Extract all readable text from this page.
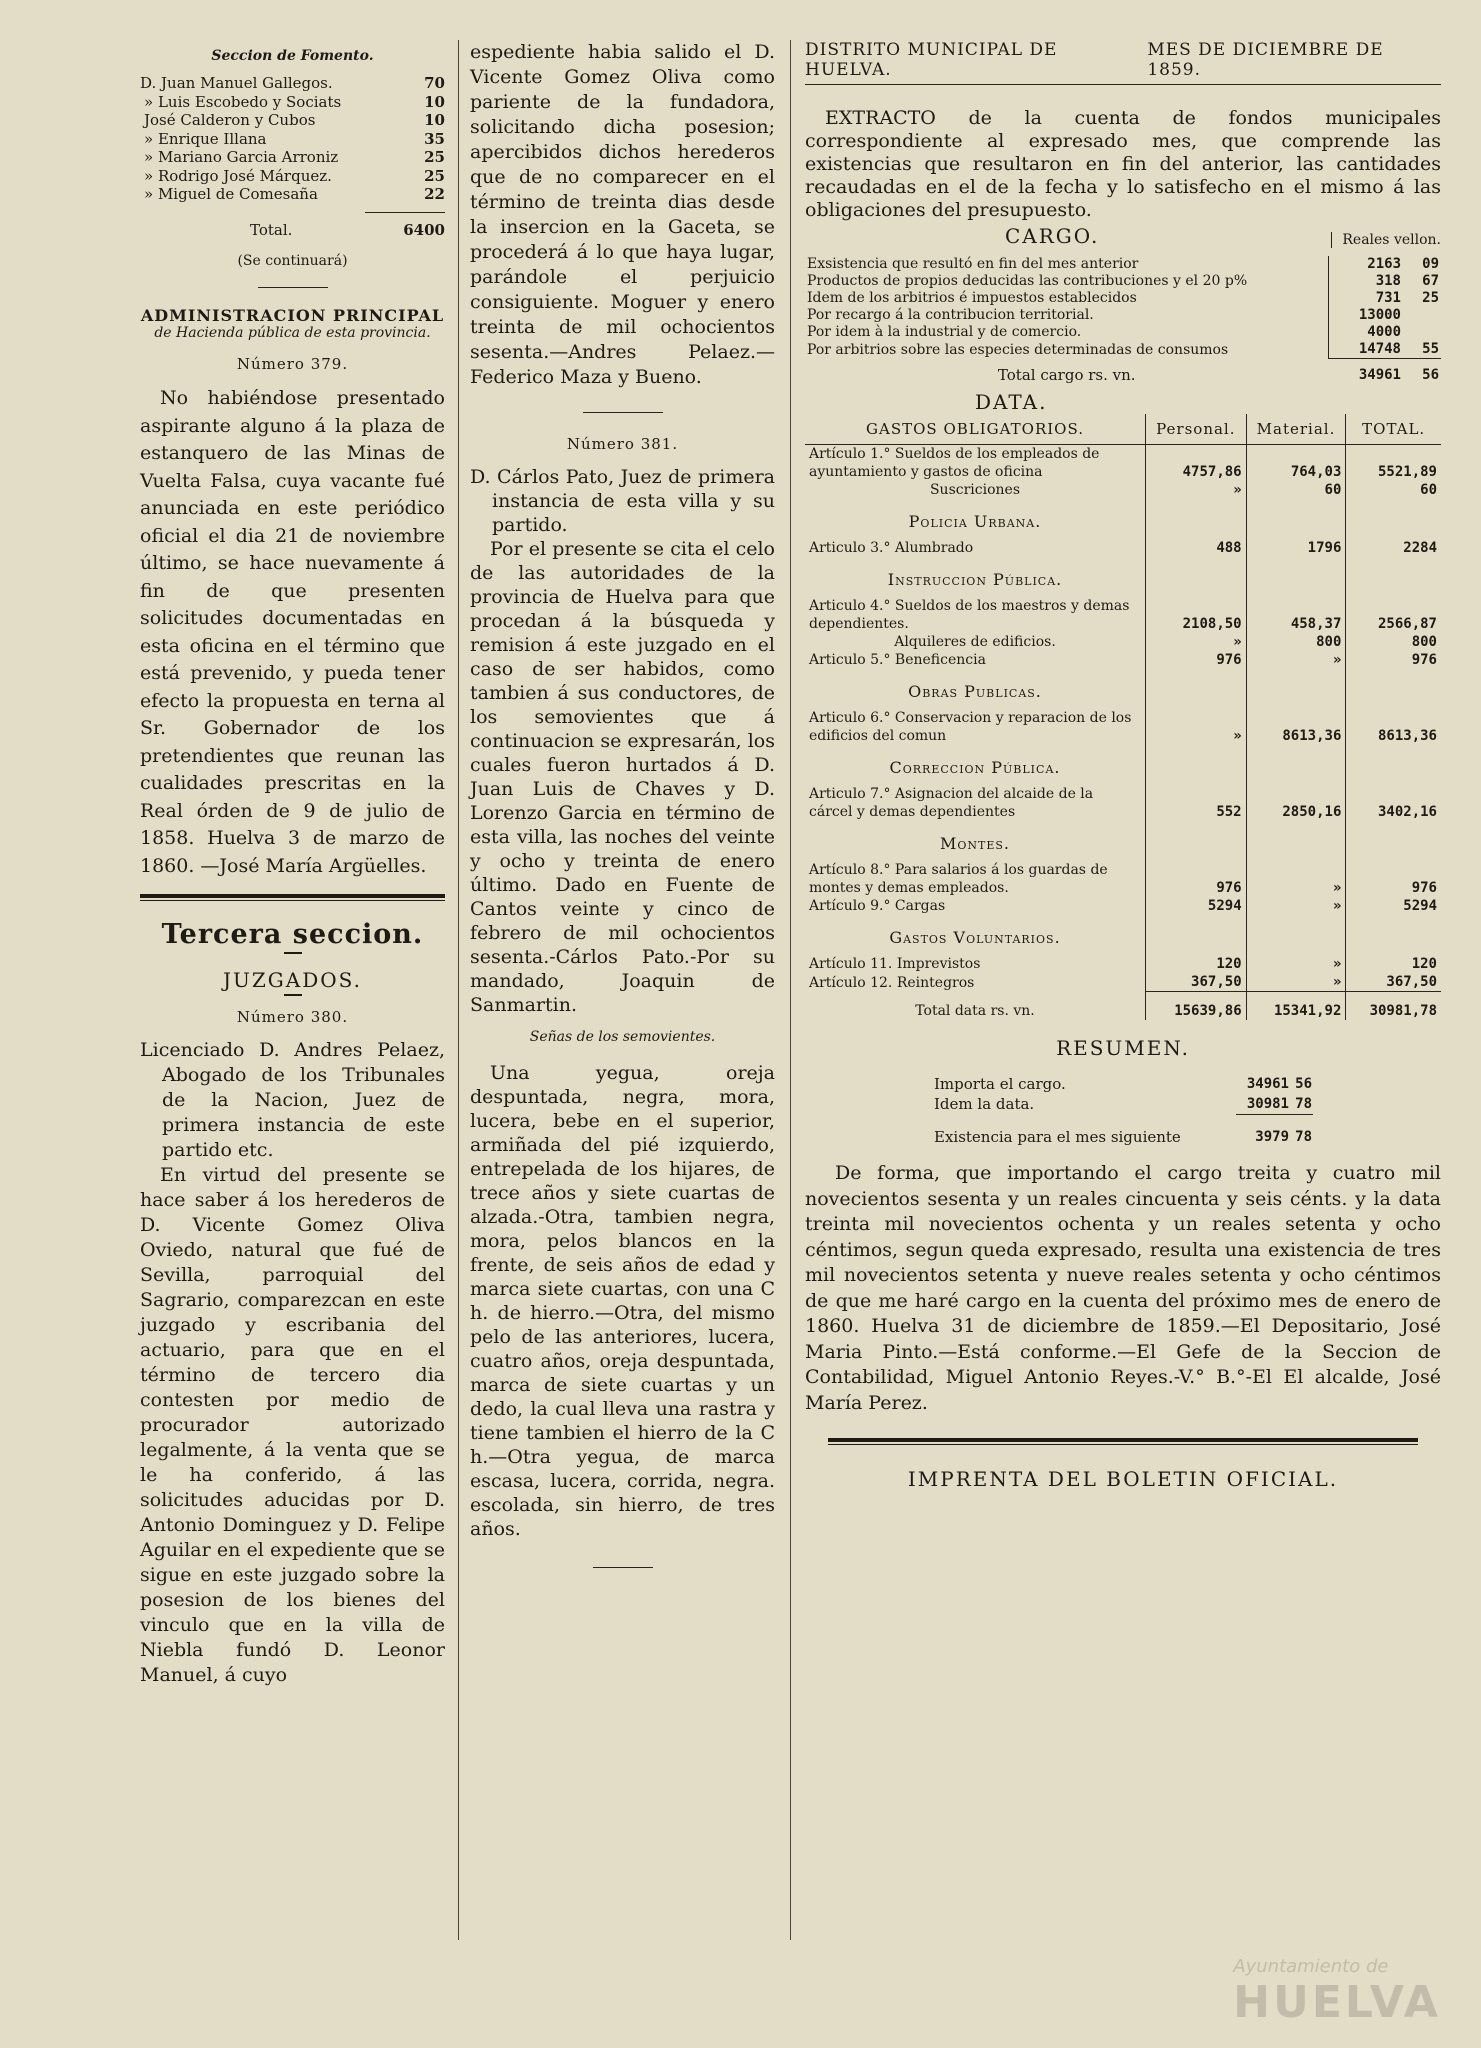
Seccion de Fomento.

D. Juan Manuel Gallegos.	70
» Luis Escobedo y Sociats	10
José Calderon y Cubos	10
» Enrique Illana	35
» Mariano Garcia Arroniz	25
» Rodrigo José Márquez.	25
» Miguel de Comesaña	22
Total.	6400

(Se continuará)

ADMINISTRACION PRINCIPAL

de Hacienda pública de esta provincia.

Número 379.

No habiéndose presentado aspirante alguno á la plaza de estanquero de las Minas de Vuelta Falsa, cuya vacante fué anunciada en este periódico oficial el dia 21 de noviembre último, se hace nuevamente á fin de que presenten solicitudes documentadas en esta oficina en el término que está prevenido, y pueda tener efecto la propuesta en terna al Sr. Gobernador de los pretendientes que reunan las cualidades prescritas en la Real órden de 9 de julio de 1858. Huelva 3 de marzo de 1860. —José María Argüelles.

Tercera seccion.

JUZGADOS.

Número 380.

Licenciado D. Andres Pelaez, Abogado de los Tribunales de la Nacion, Juez de primera instancia de este partido etc.

En virtud del presente se hace saber á los herederos de D. Vicente Gomez Oliva Oviedo, natural que fué de Sevilla, parroquial del Sagrario, comparezcan en este juzgado y escribania del actuario, para que en el término de tercero dia contesten por medio de procurador autorizado legalmente, á la venta que se le ha conferido, á las solicitudes aducidas por D. Antonio Dominguez y D. Felipe Aguilar en el expediente que se sigue en este juzgado sobre la posesion de los bienes del vinculo que en la villa de Niebla fundó D. Leonor Manuel, á cuyo

espediente habia salido el D. Vicente Gomez Oliva como pariente de la fundadora, solicitando dicha posesion; apercibidos dichos herederos que de no comparecer en el término de treinta dias desde la insercion en la Gaceta, se procederá á lo que haya lugar, parándole el perjuicio consiguiente. Moguer y enero treinta de mil ochocientos sesenta.—Andres Pelaez.— Federico Maza y Bueno.

Número 381.

D. Cárlos Pato, Juez de primera instancia de esta villa y su partido.

Por el presente se cita el celo de las autoridades de la provincia de Huelva para que procedan á la búsqueda y remision á este juzgado en el caso de ser habidos, como tambien á sus conductores, de los semovientes que á continuacion se expresarán, los cuales fueron hurtados á D. Juan Luis de Chaves y D. Lorenzo Garcia en término de esta villa, las noches del veinte y ocho y treinta de enero último. Dado en Fuente de Cantos veinte y cinco de febrero de mil ochocientos sesenta.-Cárlos Pato.-Por su mandado, Joaquin de Sanmartin.

Señas de los semovientes.

Una yegua, oreja despuntada, negra, mora, lucera, bebe en el superior, armiñada del pié izquierdo, entrepelada de los hijares, de trece años y siete cuartas de alzada.-Otra, tambien negra, mora, pelos blancos en la frente, de seis años de edad y marca siete cuartas, con una C h. de hierro.—Otra, del mismo pelo de las anteriores, lucera, cuatro años, oreja despuntada, marca de siete cuartas y un dedo, la cual lleva una rastra y tiene tambien el hierro de la C h.—Otra yegua, de marca escasa, lucera, corrida, negra. escolada, sin hierro, de tres años.

DISTRITO MUNICIPAL DE HUELVA.
MES DE DICIEMBRE DE 1859.

EXTRACTO de la cuenta de fondos municipales correspondiente al expresado mes, que comprende las existencias que resultaron en fin del anterior, las cantidades recaudadas en el de la fecha y lo satisfecho en el mismo á las obligaciones del presupuesto.

CARGO.	Reales vellon.
Exsistencia que resultó en fin del mes anterior	2163	09
Productos de propios deducidas las contribuciones y el 20 p%	318	67
Idem de los arbitrios é impuestos establecidos	731	25
Por recargo á la contribucion territorial.	13000	
Por idem à la industrial y de comercio.	4000	
Por arbitrios sobre las especies determinadas de consumos	14748	55
Total cargo rs. vn.	34961	56

DATA.

GASTOS OBLIGATORIOS.	Personal.	Material.	TOTAL.
Artículo 1.° Sueldos de los empleados de ayuntamiento y gastos de oficina	4757,86	764,03	5521,89
Suscriciones	»	60	60
Policia Urbana.			
Articulo 3.° Alumbrado	488	1796	2284
Instruccion Pública.			
Articulo 4.° Sueldos de los maestros y demas dependientes.	2108,50	458,37	2566,87
Alquileres de edificios.	»	800	800
Articulo 5.° Beneficencia	976	»	976
Obras Publicas.			
Articulo 6.° Conservacion y reparacion de los edificios del comun	»	8613,36	8613,36
Correccion Pública.			
Articulo 7.° Asignacion del alcaide de la cárcel y demas dependientes	552	2850,16	3402,16
Montes.			
Artículo 8.° Para salarios á los guardas de montes y demas empleados.	976	»	976
Artículo 9.° Cargas	5294	»	5294
Gastos Voluntarios.			
Artículo 11. Imprevistos	120	»	120
Artículo 12. Reintegros	367,50	»	367,50
Total data rs. vn.	15639,86	15341,92	30981,78

RESUMEN.

Importa el cargo.	34961	56
Idem la data.	30981	78
Existencia para el mes siguiente	3979	78

De forma, que importando el cargo treita y cuatro mil novecientos sesenta y un reales cincuenta y seis cénts. y la data treinta mil novecientos ochenta y un reales setenta y ocho céntimos, segun queda expresado, resulta una existencia de tres mil novecientos setenta y nueve reales setenta y ocho céntimos de que me haré cargo en la cuenta del próximo mes de enero de 1860. Huelva 31 de diciembre de 1859.—El Depositario, José Maria Pinto.—Está conforme.—El Gefe de la Seccion de Contabilidad, Miguel Antonio Reyes.-V.° B.°-El El alcalde, José María Perez.

IMPRENTA DEL BOLETIN OFICIAL.

Ayuntamiento de
HUELVA
